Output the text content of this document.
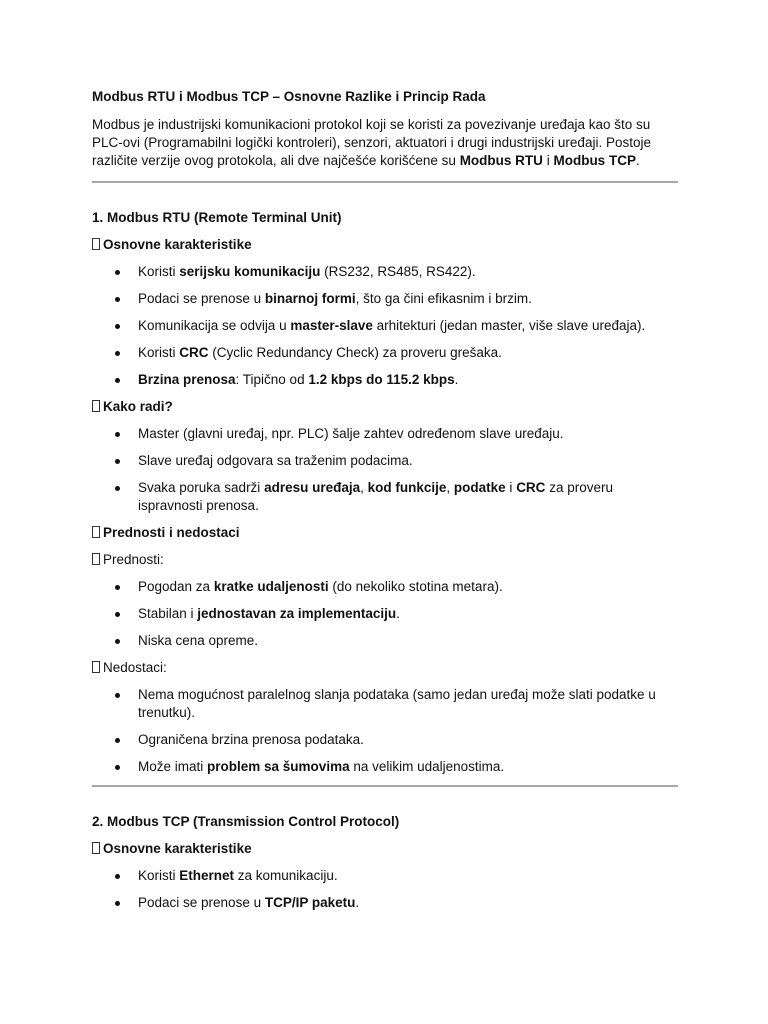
Modbus RTU i Modbus TCP – Osnovne Razlike i Princip Rada

Modbus je industrijski komunikacioni protokol koji se koristi za povezivanje uređaja kao što su PLC-ovi (Programabilni logički kontroleri), senzori, aktuatori i drugi industrijski uređaji. Postoje različite verzije ovog protokola, ali dve najčešće korišćene su Modbus RTU i Modbus TCP.

1. Modbus RTU (Remote Terminal Unit)

Osnovne karakteristike

Koristi serijsku komunikaciju (RS232, RS485, RS422).
Podaci se prenose u binarnoj formi, što ga čini efikasnim i brzim.
Komunikacija se odvija u master-slave arhitekturi (jedan master, više slave uređaja).
Koristi CRC (Cyclic Redundancy Check) za proveru grešaka.
Brzina prenosa: Tipično od 1.2 kbps do 115.2 kbps.

Kako radi?

Master (glavni uređaj, npr. PLC) šalje zahtev određenom slave uređaju.
Slave uređaj odgovara sa traženim podacima.
Svaka poruka sadrži adresu uređaja, kod funkcije, podatke i CRC za proveru ispravnosti prenosa.

Prednosti i nedostaci

Prednosti:

Pogodan za kratke udaljenosti (do nekoliko stotina metara).
Stabilan i jednostavan za implementaciju.
Niska cena opreme.

Nedostaci:

Nema mogućnost paralelnog slanja podataka (samo jedan uređaj može slati podatke u trenutku).
Ograničena brzina prenosa podataka.
Može imati problem sa šumovima na velikim udaljenostima.

2. Modbus TCP (Transmission Control Protocol)

Osnovne karakteristike

Koristi Ethernet za komunikaciju.
Podaci se prenose u TCP/IP paketu.
